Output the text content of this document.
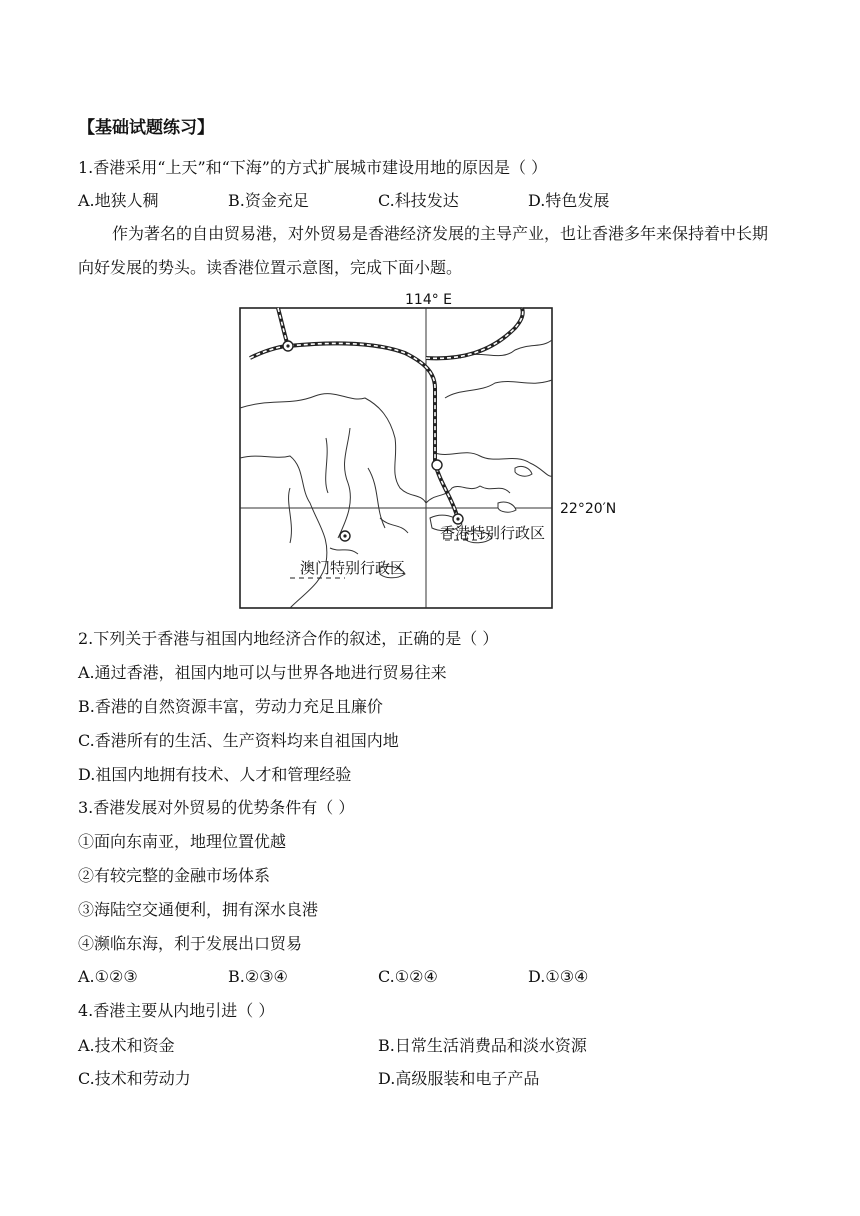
【基础试题练习】
1.香港采用“上天”和“下海”的方式扩展城市建设用地的原因是（ ）
A.地狭人稠	B.资金充足	C.科技发达	D.特色发展
作为著名的自由贸易港，对外贸易是香港经济发展的主导产业，也让香港多年来保持着中长期向好发展的势头。读香港位置示意图，完成下面小题。
114° E
22°20′N
香港特别行政区
澳门特别行政区
2.下列关于香港与祖国内地经济合作的叙述，正确的是（ ）
A.通过香港，祖国内地可以与世界各地进行贸易往来
B.香港的自然资源丰富，劳动力充足且廉价
C.香港所有的生活、生产资料均来自祖国内地
D.祖国内地拥有技术、人才和管理经验
3.香港发展对外贸易的优势条件有（ ）
①面向东南亚，地理位置优越
②有较完整的金融市场体系
③海陆空交通便利，拥有深水良港
④濒临东海，利于发展出口贸易
A.①②③	B.②③④	C.①②④	D.①③④
4.香港主要从内地引进（ ）
A.技术和资金	B.日常生活消费品和淡水资源
C.技术和劳动力	D.高级服装和电子产品
